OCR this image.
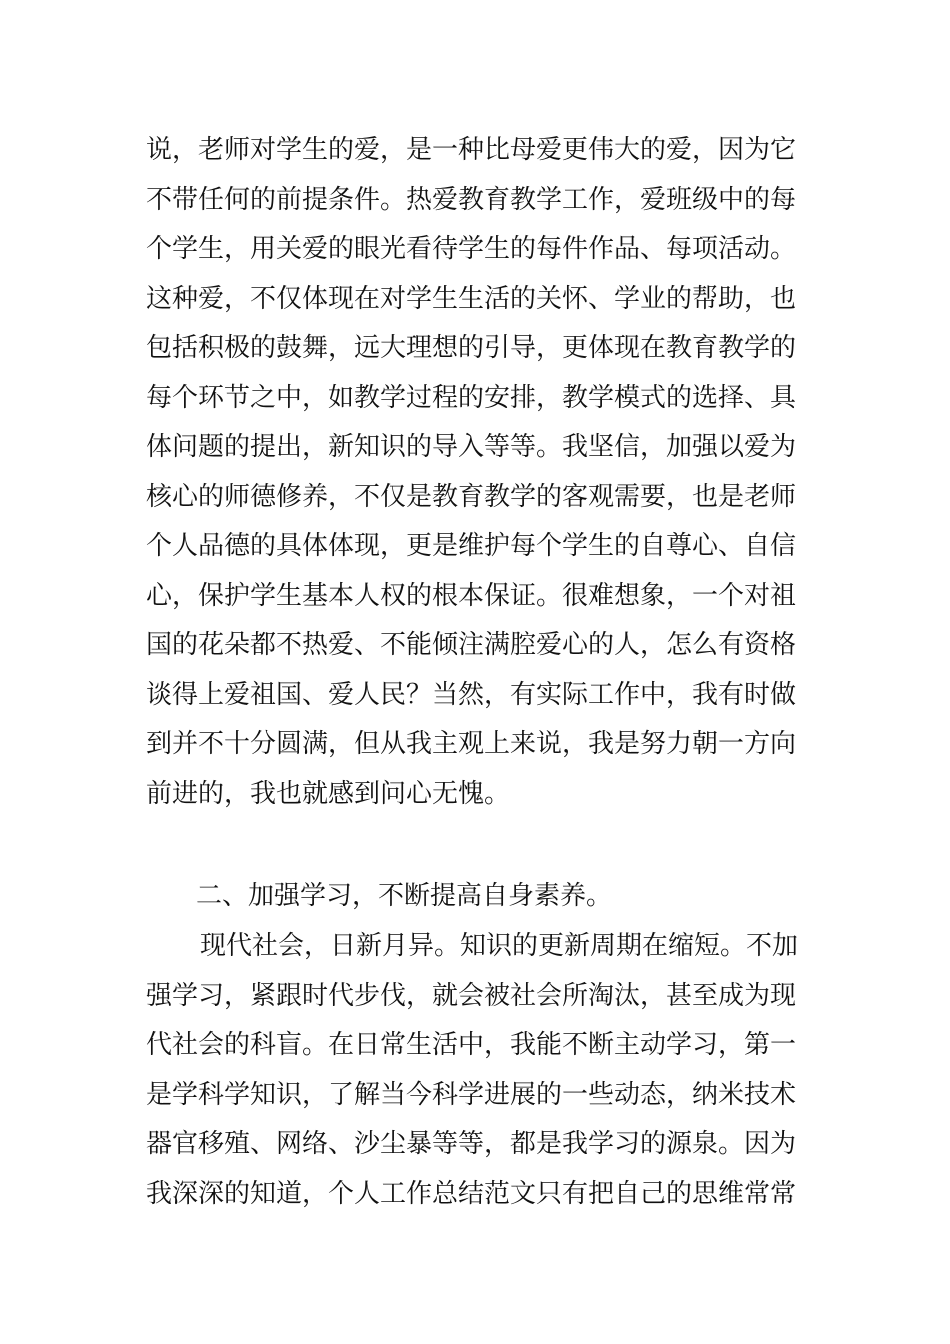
说，老师对学生的爱，是一种比母爱更伟大的爱，因为它
不带任何的前提条件。热爱教育教学工作，爱班级中的每
个学生，用关爱的眼光看待学生的每件作品、每项活动。
这种爱，不仅体现在对学生生活的关怀、学业的帮助，也
包括积极的鼓舞，远大理想的引导，更体现在教育教学的
每个环节之中，如教学过程的安排，教学模式的选择、具
体问题的提出，新知识的导入等等。我坚信，加强以爱为
核心的师德修养，不仅是教育教学的客观需要，也是老师
个人品德的具体体现，更是维护每个学生的自尊心、自信
心，保护学生基本人权的根本保证。很难想象，一个对祖
国的花朵都不热爱、不能倾注满腔爱心的人，怎么有资格
谈得上爱祖国、爱人民？当然，有实际工作中，我有时做
到并不十分圆满，但从我主观上来说，我是努力朝一方向
前进的，我也就感到问心无愧。
二、加强学习，不断提高自身素养。
现代社会，日新月异。知识的更新周期在缩短。不加
强学习，紧跟时代步伐，就会被社会所淘汰，甚至成为现
代社会的科盲。在日常生活中，我能不断主动学习，第一
是学科学知识，了解当今科学进展的一些动态，纳米技术
器官移殖、网络、沙尘暴等等，都是我学习的源泉。因为
我深深的知道，个人工作总结范文只有把自己的思维常常
